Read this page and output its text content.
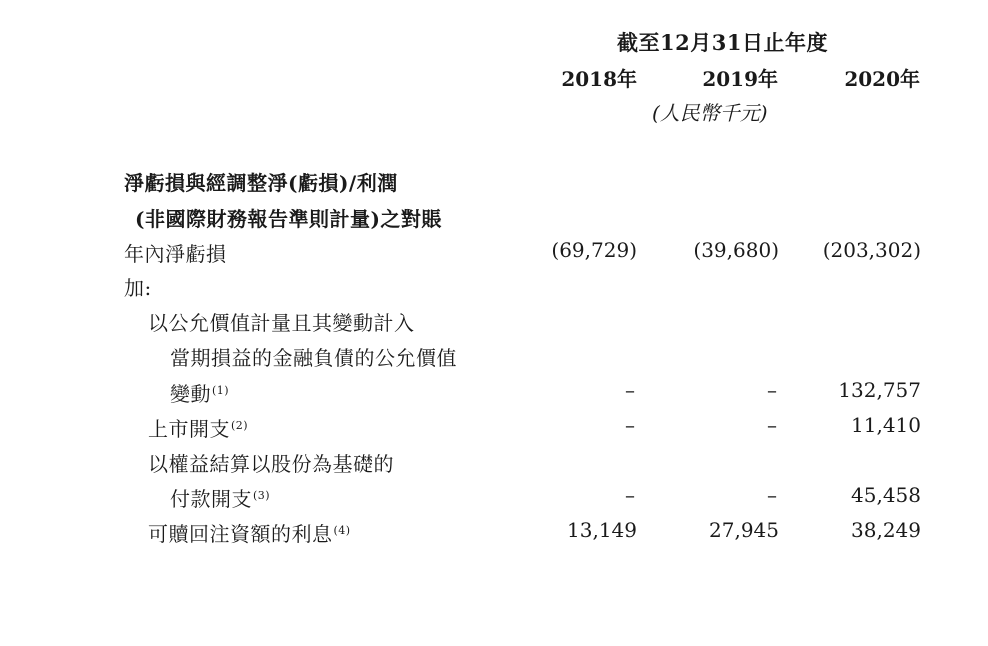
截至12月31日止年度
2018年	2019年	2020年
(人民幣千元)
淨虧損與經調整淨(虧損)/利潤
(非國際財務報告準則計量)之對賬
年內淨虧損	(69,729)	(39,680)	(203,302)
加:
以公允價值計量且其變動計入
當期損益的金融負債的公允價值
變動$^{(1)}$	–	–	132,757
上市開支$^{(2)}$	–	–	11,410
以權益結算以股份為基礎的
付款開支$^{(3)}$	–	–	45,458
可贖回注資額的利息$^{(4)}$	13,149	27,945	38,249
